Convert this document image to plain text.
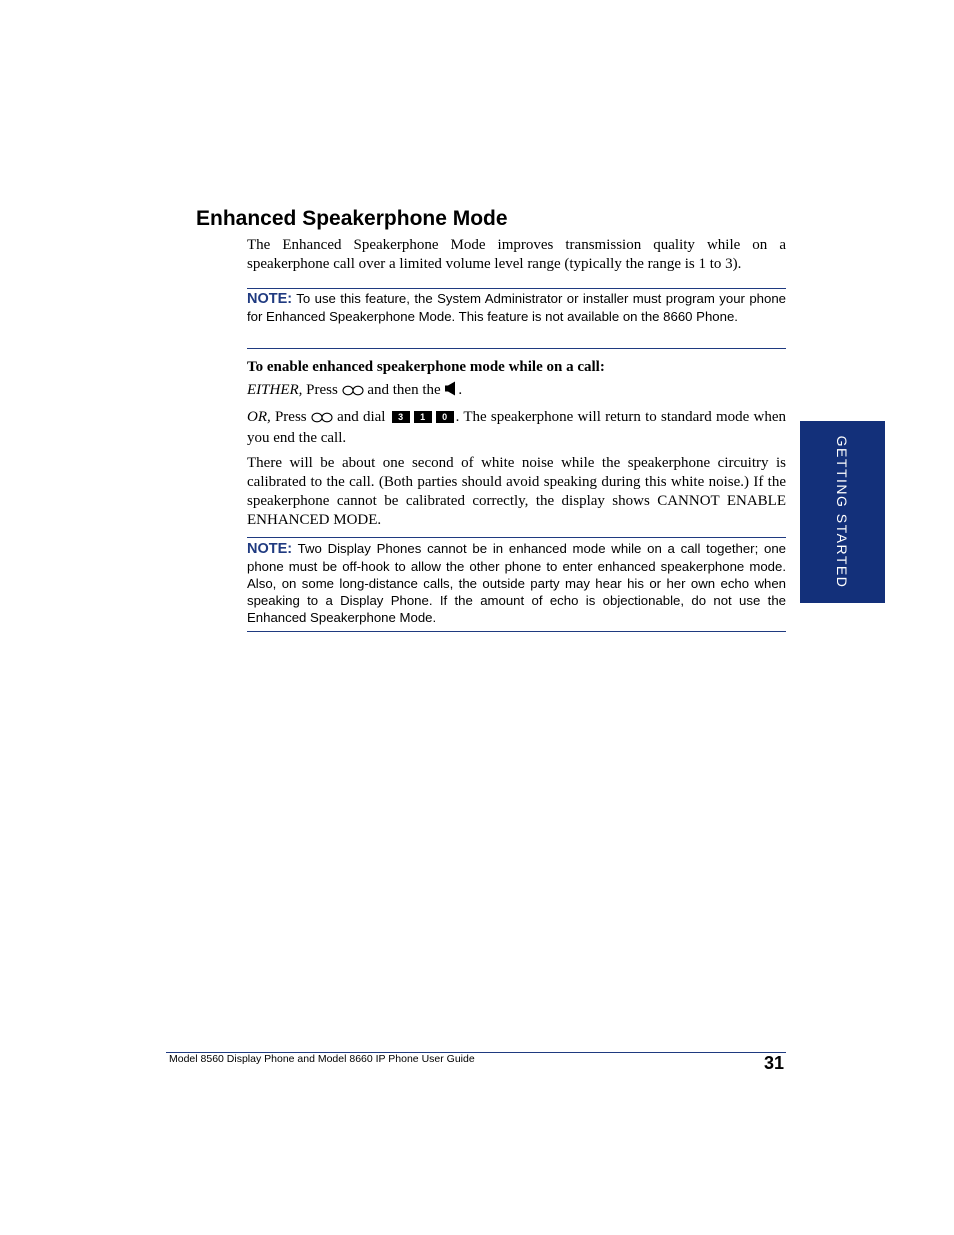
Enhanced Speakerphone Mode

The Enhanced Speakerphone Mode improves transmission quality while on a speakerphone call over a limited volume level range (typically the range is 1 to 3).

NOTE: To use this feature, the System Administrator or installer must program your phone for Enhanced Speakerphone Mode. This feature is not available on the 8660 Phone.

To enable enhanced speakerphone mode while on a call:

EITHER, Press and then the .

OR, Press and dial 3 1 0 . The speakerphone will return to standard mode when you end the call.

There will be about one second of white noise while the speakerphone circuitry is calibrated to the call. (Both parties should avoid speaking during this white noise.) If the speakerphone cannot be calibrated correctly, the display shows CANNOT ENABLE ENHANCED MODE.

NOTE: Two Display Phones cannot be in enhanced mode while on a call together; one phone must be off-hook to allow the other phone to enter enhanced speakerphone mode. Also, on some long-distance calls, the outside party may hear his or her own echo when speaking to a Display Phone. If the amount of echo is objectionable, do not use the Enhanced Speakerphone Mode.

GETTING STARTED
Model 8560 Display Phone and Model 8660 IP Phone User Guide	31
